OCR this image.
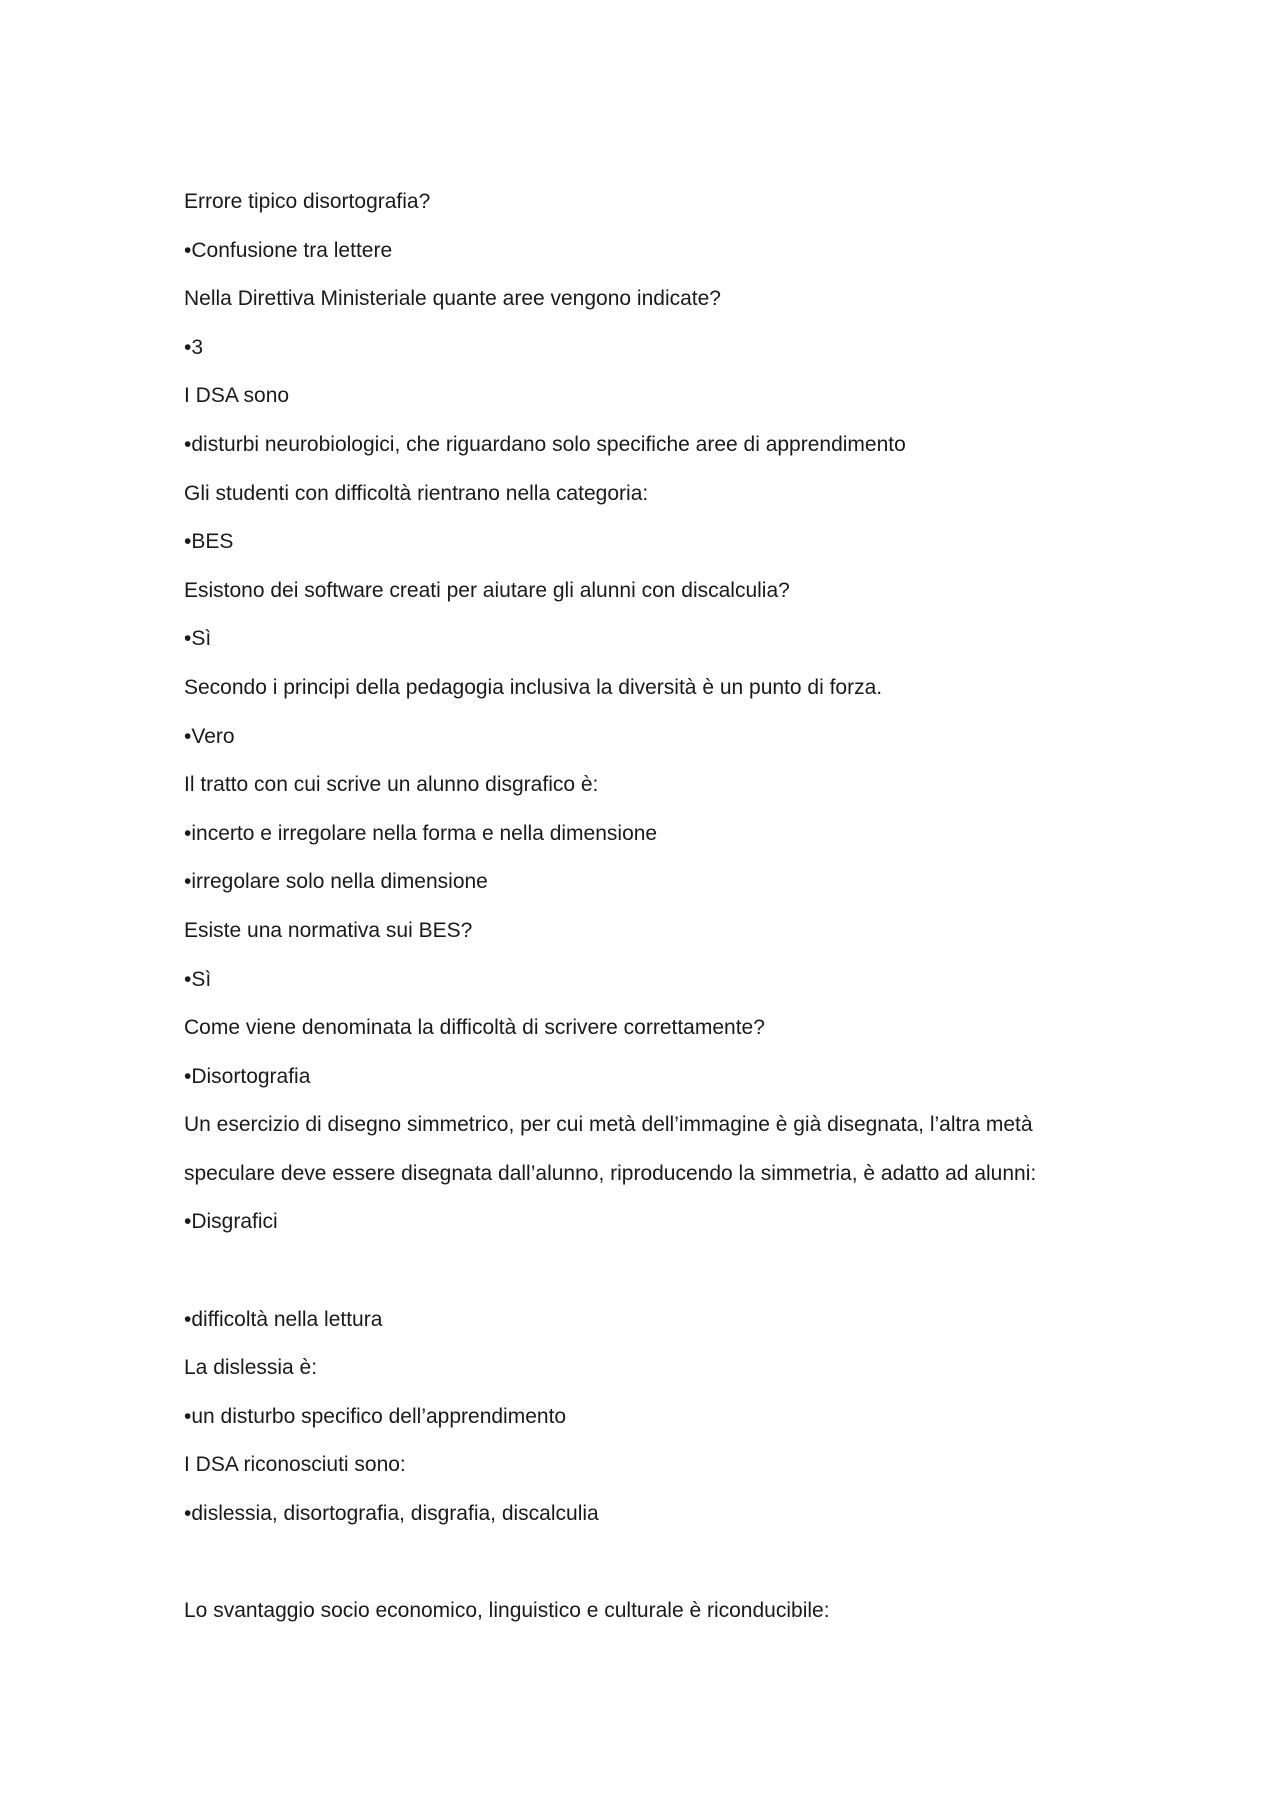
Errore tipico disortografia?

•Confusione tra lettere

Nella Direttiva Ministeriale quante aree vengono indicate?

•3

I DSA sono

•disturbi neurobiologici, che riguardano solo specifiche aree di apprendimento

Gli studenti con difficoltà rientrano nella categoria:

•BES

Esistono dei software creati per aiutare gli alunni con discalculia?

•Sì

Secondo i principi della pedagogia inclusiva la diversità è un punto di forza.

•Vero

Il tratto con cui scrive un alunno disgrafico è:

•incerto e irregolare nella forma e nella dimensione

•irregolare solo nella dimensione

Esiste una normativa sui BES?

•Sì

Come viene denominata la difficoltà di scrivere correttamente?

•Disortografia

Un esercizio di disegno simmetrico, per cui metà dell’immagine è già disegnata, l’altra metà

speculare deve essere disegnata dall’alunno, riproducendo la simmetria, è adatto ad alunni:

•Disgrafici

•difficoltà nella lettura

La dislessia è:

•un disturbo specifico dell’apprendimento

I DSA riconosciuti sono:

•dislessia, disortografia, disgrafia, discalculia

Lo svantaggio socio economico, linguistico e culturale è riconducibile:
